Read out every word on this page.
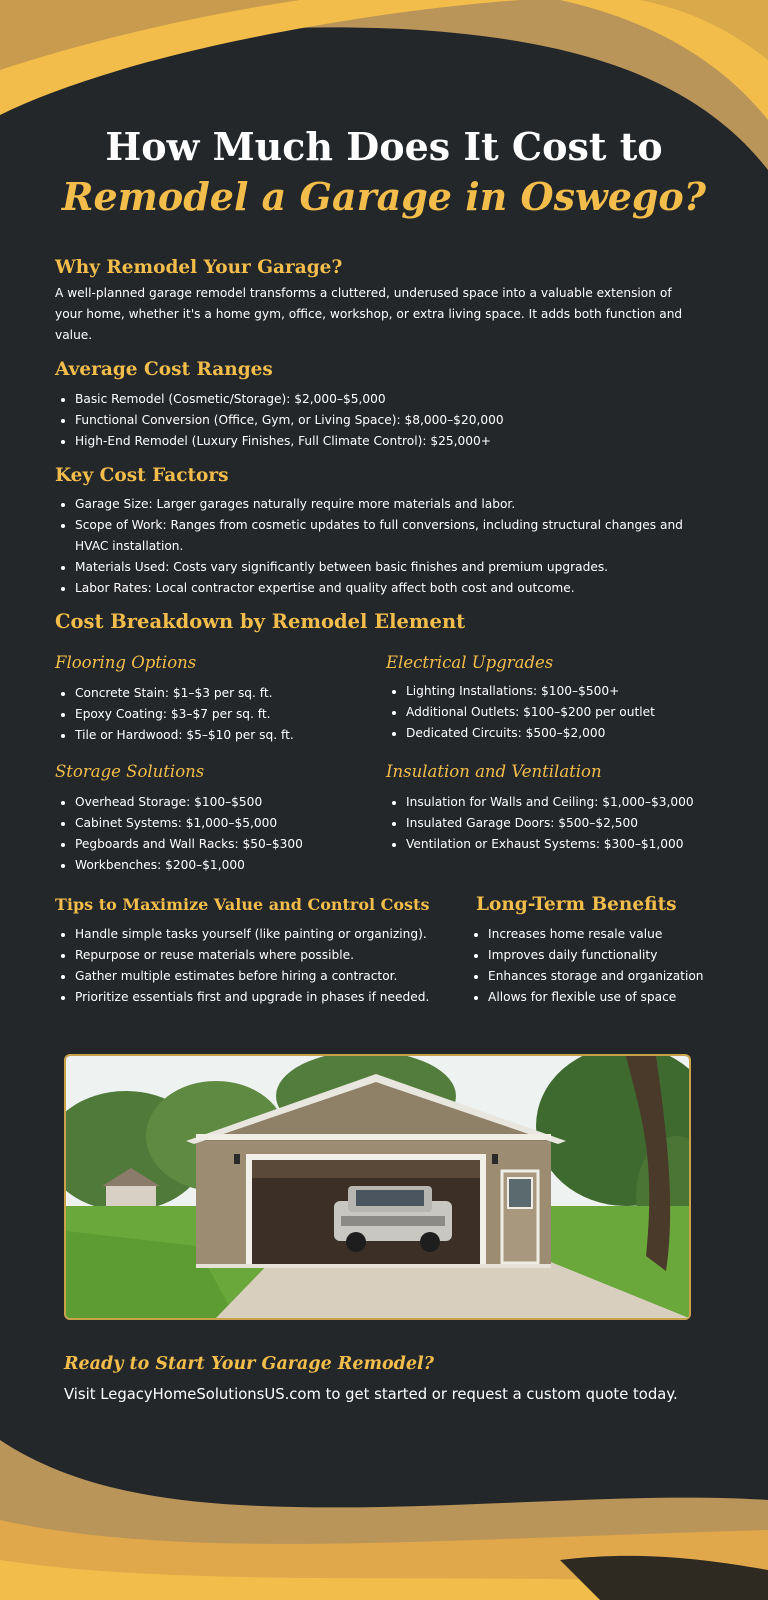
How Much Does It Cost to
Remodel a Garage in Oswego?
Why Remodel Your Garage?
A well-planned garage remodel transforms a cluttered, underused space into a valuable extension of your home, whether it's a home gym, office, workshop, or extra living space. It adds both function and value.
Average Cost Ranges
Basic Remodel (Cosmetic/Storage): $2,000–$5,000
Functional Conversion (Office, Gym, or Living Space): $8,000–$20,000
High-End Remodel (Luxury Finishes, Full Climate Control): $25,000+
Key Cost Factors
Garage Size: Larger garages naturally require more materials and labor.
Scope of Work: Ranges from cosmetic updates to full conversions, including structural changes and HVAC installation.
Materials Used: Costs vary significantly between basic finishes and premium upgrades.
Labor Rates: Local contractor expertise and quality affect both cost and outcome.
Cost Breakdown by Remodel Element
Flooring Options
Concrete Stain: $1–$3 per sq. ft.
Epoxy Coating: $3–$7 per sq. ft.
Tile or Hardwood: $5–$10 per sq. ft.
Electrical Upgrades
Lighting Installations: $100–$500+
Additional Outlets: $100–$200 per outlet
Dedicated Circuits: $500–$2,000
Storage Solutions
Overhead Storage: $100–$500
Cabinet Systems: $1,000–$5,000
Pegboards and Wall Racks: $50–$300
Workbenches: $200–$1,000
Insulation and Ventilation
Insulation for Walls and Ceiling: $1,000–$3,000
Insulated Garage Doors: $500–$2,500
Ventilation or Exhaust Systems: $300–$1,000
Tips to Maximize Value and Control Costs
Handle simple tasks yourself (like painting or organizing).
Repurpose or reuse materials where possible.
Gather multiple estimates before hiring a contractor.
Prioritize essentials first and upgrade in phases if needed.
Long-Term Benefits
Increases home resale value
Improves daily functionality
Enhances storage and organization
Allows for flexible use of space
Ready to Start Your Garage Remodel?
Visit LegacyHomeSolutionsUS.com to get started or request a custom quote today.
